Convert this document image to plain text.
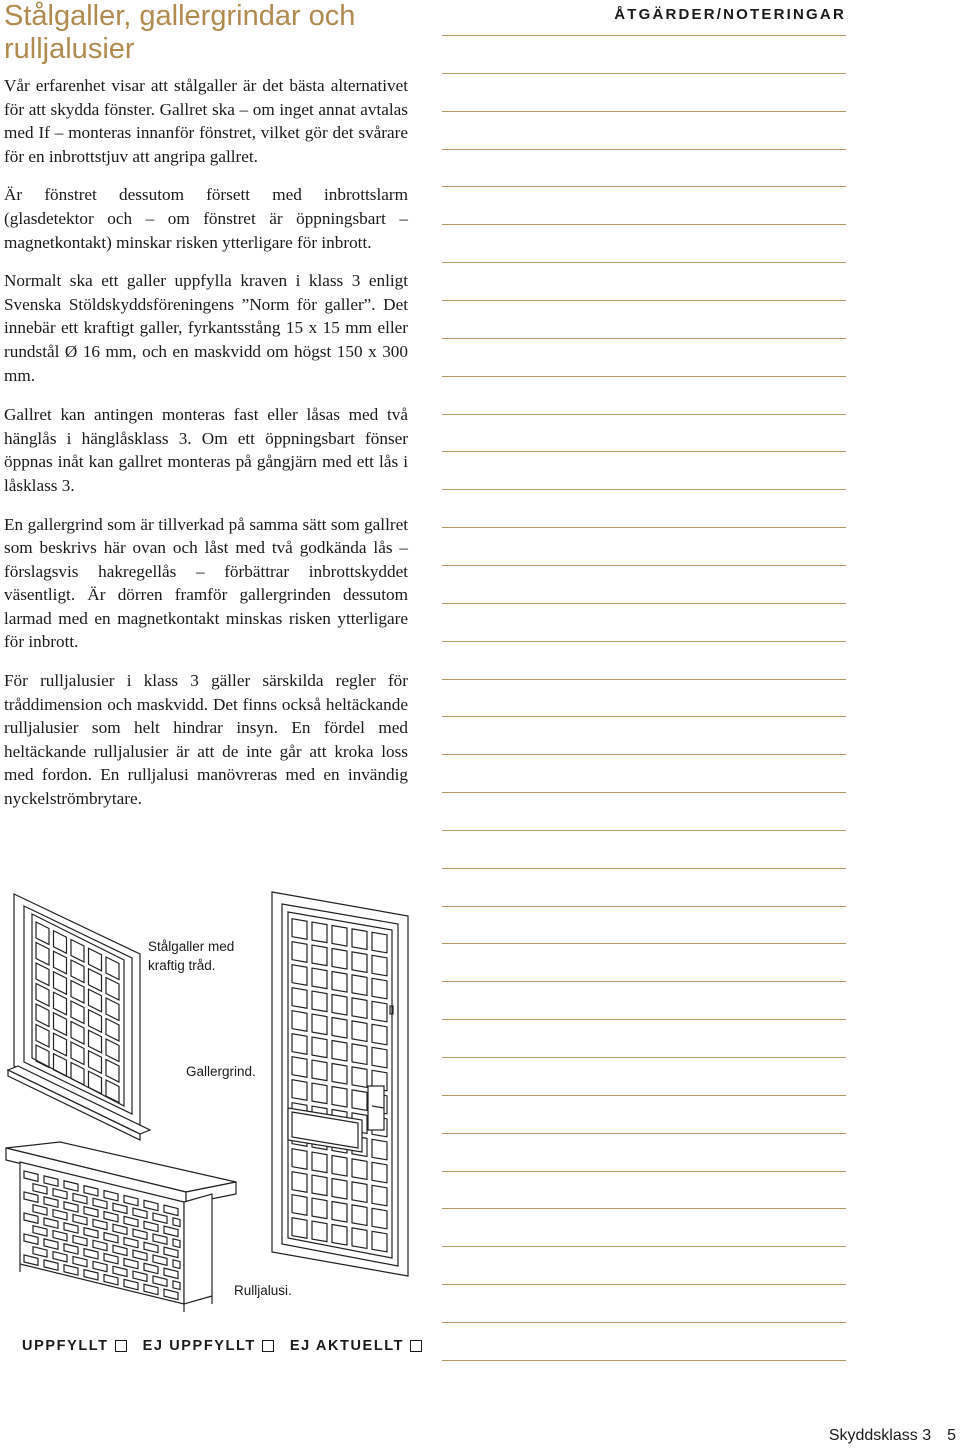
Stålgaller, gallergrindar och rulljalusier

Vår erfarenhet visar att stålgaller är det bästa alternativet för att skydda fönster. Gallret ska – om inget annat avtalas med If – monteras innanför fönstret, vilket gör det svårare för en inbrottstjuv att angripa gallret.

Är fönstret dessutom försett med inbrottslarm (glasdetektor och – om fönstret är öppningsbart – magnetkontakt) minskar risken ytterligare för inbrott.

Normalt ska ett galler uppfylla kraven i klass 3 enligt Svenska Stöldskyddsföreningens ”Norm för galler”. Det innebär ett kraftigt galler, fyrkantsstång 15 x 15 mm eller rundstål Ø 16 mm, och en maskvidd om högst 150 x 300 mm.

Gallret kan antingen monteras fast eller låsas med två hänglås i hänglåsklass 3. Om ett öppningsbart fönser öppnas inåt kan gallret monteras på gångjärn med ett lås i låsklass 3.

En gallergrind som är tillverkad på samma sätt som gallret som beskrivs här ovan och låst med två godkända lås – förslagsvis hakregellås – förbättrar inbrottskyddet väsentligt. Är dörren framför gallergrinden dessutom larmad med en magnetkontakt minskas risken ytterligare för inbrott.

För rulljalusier i klass 3 gäller särskilda regler för tråddimension och maskvidd. Det finns också heltäckande rulljalusier som helt hindrar insyn. En fördel med heltäckande rulljalusier är att de inte går att kroka loss med fordon. En rulljalusi manövreras med en invändig nyckelströmbrytare.

ÅTGÄRDER/NOTERINGAR
Stålgaller med
kraftig tråd.
Gallergrind.
Rulljalusi.
UPPFYLLT EJ UPPFYLLT EJ AKTUELLT
Skyddsklass 3 5
